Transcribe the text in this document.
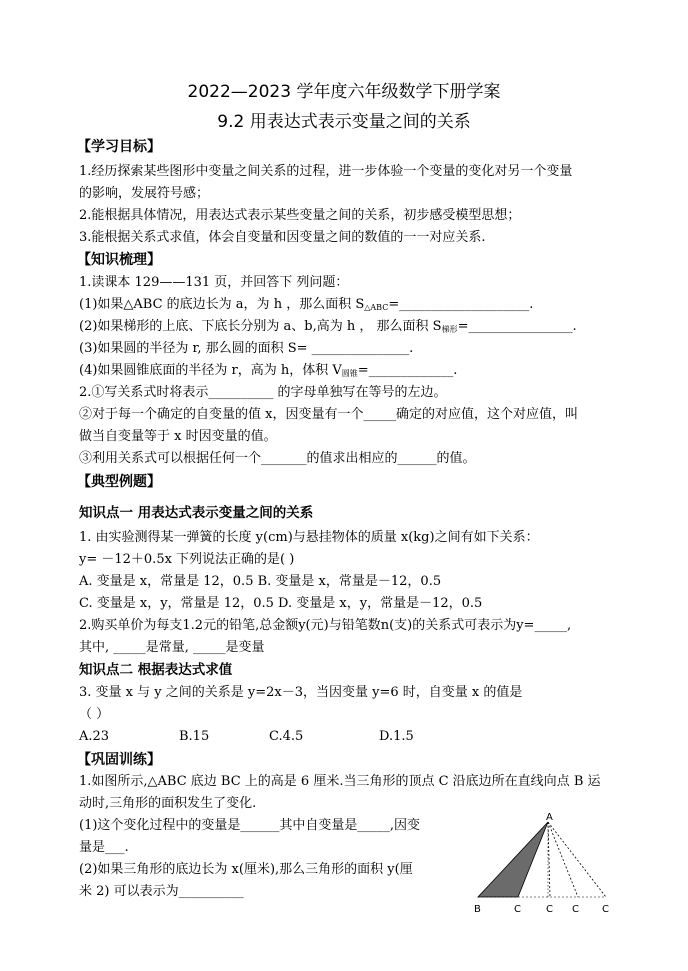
2022—2023 学年度六年级数学下册学案
9.2 用表达式表示变量之间的关系
【学习目标】
1.经历探索某些图形中变量之间关系的过程，进一步体验一个变量的变化对另一个变量
的影响，发展符号感；
2.能根据具体情况，用表达式表示某些变量之间的关系，初步感受模型思想；
3.能根据关系式求值，体会自变量和因变量之间的数值的一一对应关系.
【知识梳理】
1.读课本 129——131 页，并回答下 列问题：
(1)如果△ABC 的底边长为 a，为 h ，那么面积 $S_{\triangle ABC}=\_\_\_\_\_\_\_\_\_\_\_\_\_\_\_\_\_\_\_\_$.
(2)如果梯形的上底、下底长分别为 a、b,高为 h ， 那么面积 $S_{梯形}=\_\_\_\_\_\_\_\_\_\_\_\_\_\_\_\_$.
(3)如果圆的半径为 r, 那么圆的面积 S= _______________.
(4)如果圆锥底面的半径为 r，高为 h，体积 $V_{圆锥}=\_\_\_\_\_\_\_\_\_\_\_\_\_$.
2.①写关系式时将表示__________ 的字母单独写在等号的左边。
②对于每一个确定的自变量的值 x，因变量有一个_____确定的对应值，这个对应值，叫
做当自变量等于 x 时因变量的值。
③利用关系式可以根据任何一个_______的值求出相应的______的值。
【典型例题】
知识点一 用表达式表示变量之间的关系
1. 由实验测得某一弹簧的长度 y(cm)与悬挂物体的质量 x(kg)之间有如下关系：
y= －12＋0.5x 下列说法正确的是( )
A. 变量是 x，常量是 12，0.5 B. 变量是 x，常量是－12，0.5
C. 变量是 x，y，常量是 12，0.5 D. 变量是 x，y，常量是－12，0.5
2.购买单价为每支1.2元的铅笔,总金额y(元)与铅笔数n(支)的关系式可表示为y=_____,
其中, _____是常量, _____是变量
知识点二 根据表达式求值
3. 变量 x 与 y 之间的关系是 y=2x－3，当因变量 y=6 时，自变量 x 的值是
（ ）
A.23	B.15	C.4.5	D.1.5
【巩固训练】
1.如图所示,△ABC 底边 BC 上的高是 6 厘米.当三角形的顶点 C 沿底边所在直线向点 B 运
动时,三角形的面积发生了变化.
(1)这个变化过程中的变量是______其中自变量是_____,因变
量是___.
(2)如果三角形的底边长为 x(厘米),那么三角形的面积 y(厘
米 2) 可以表示为__________
A
B	C	C C C
